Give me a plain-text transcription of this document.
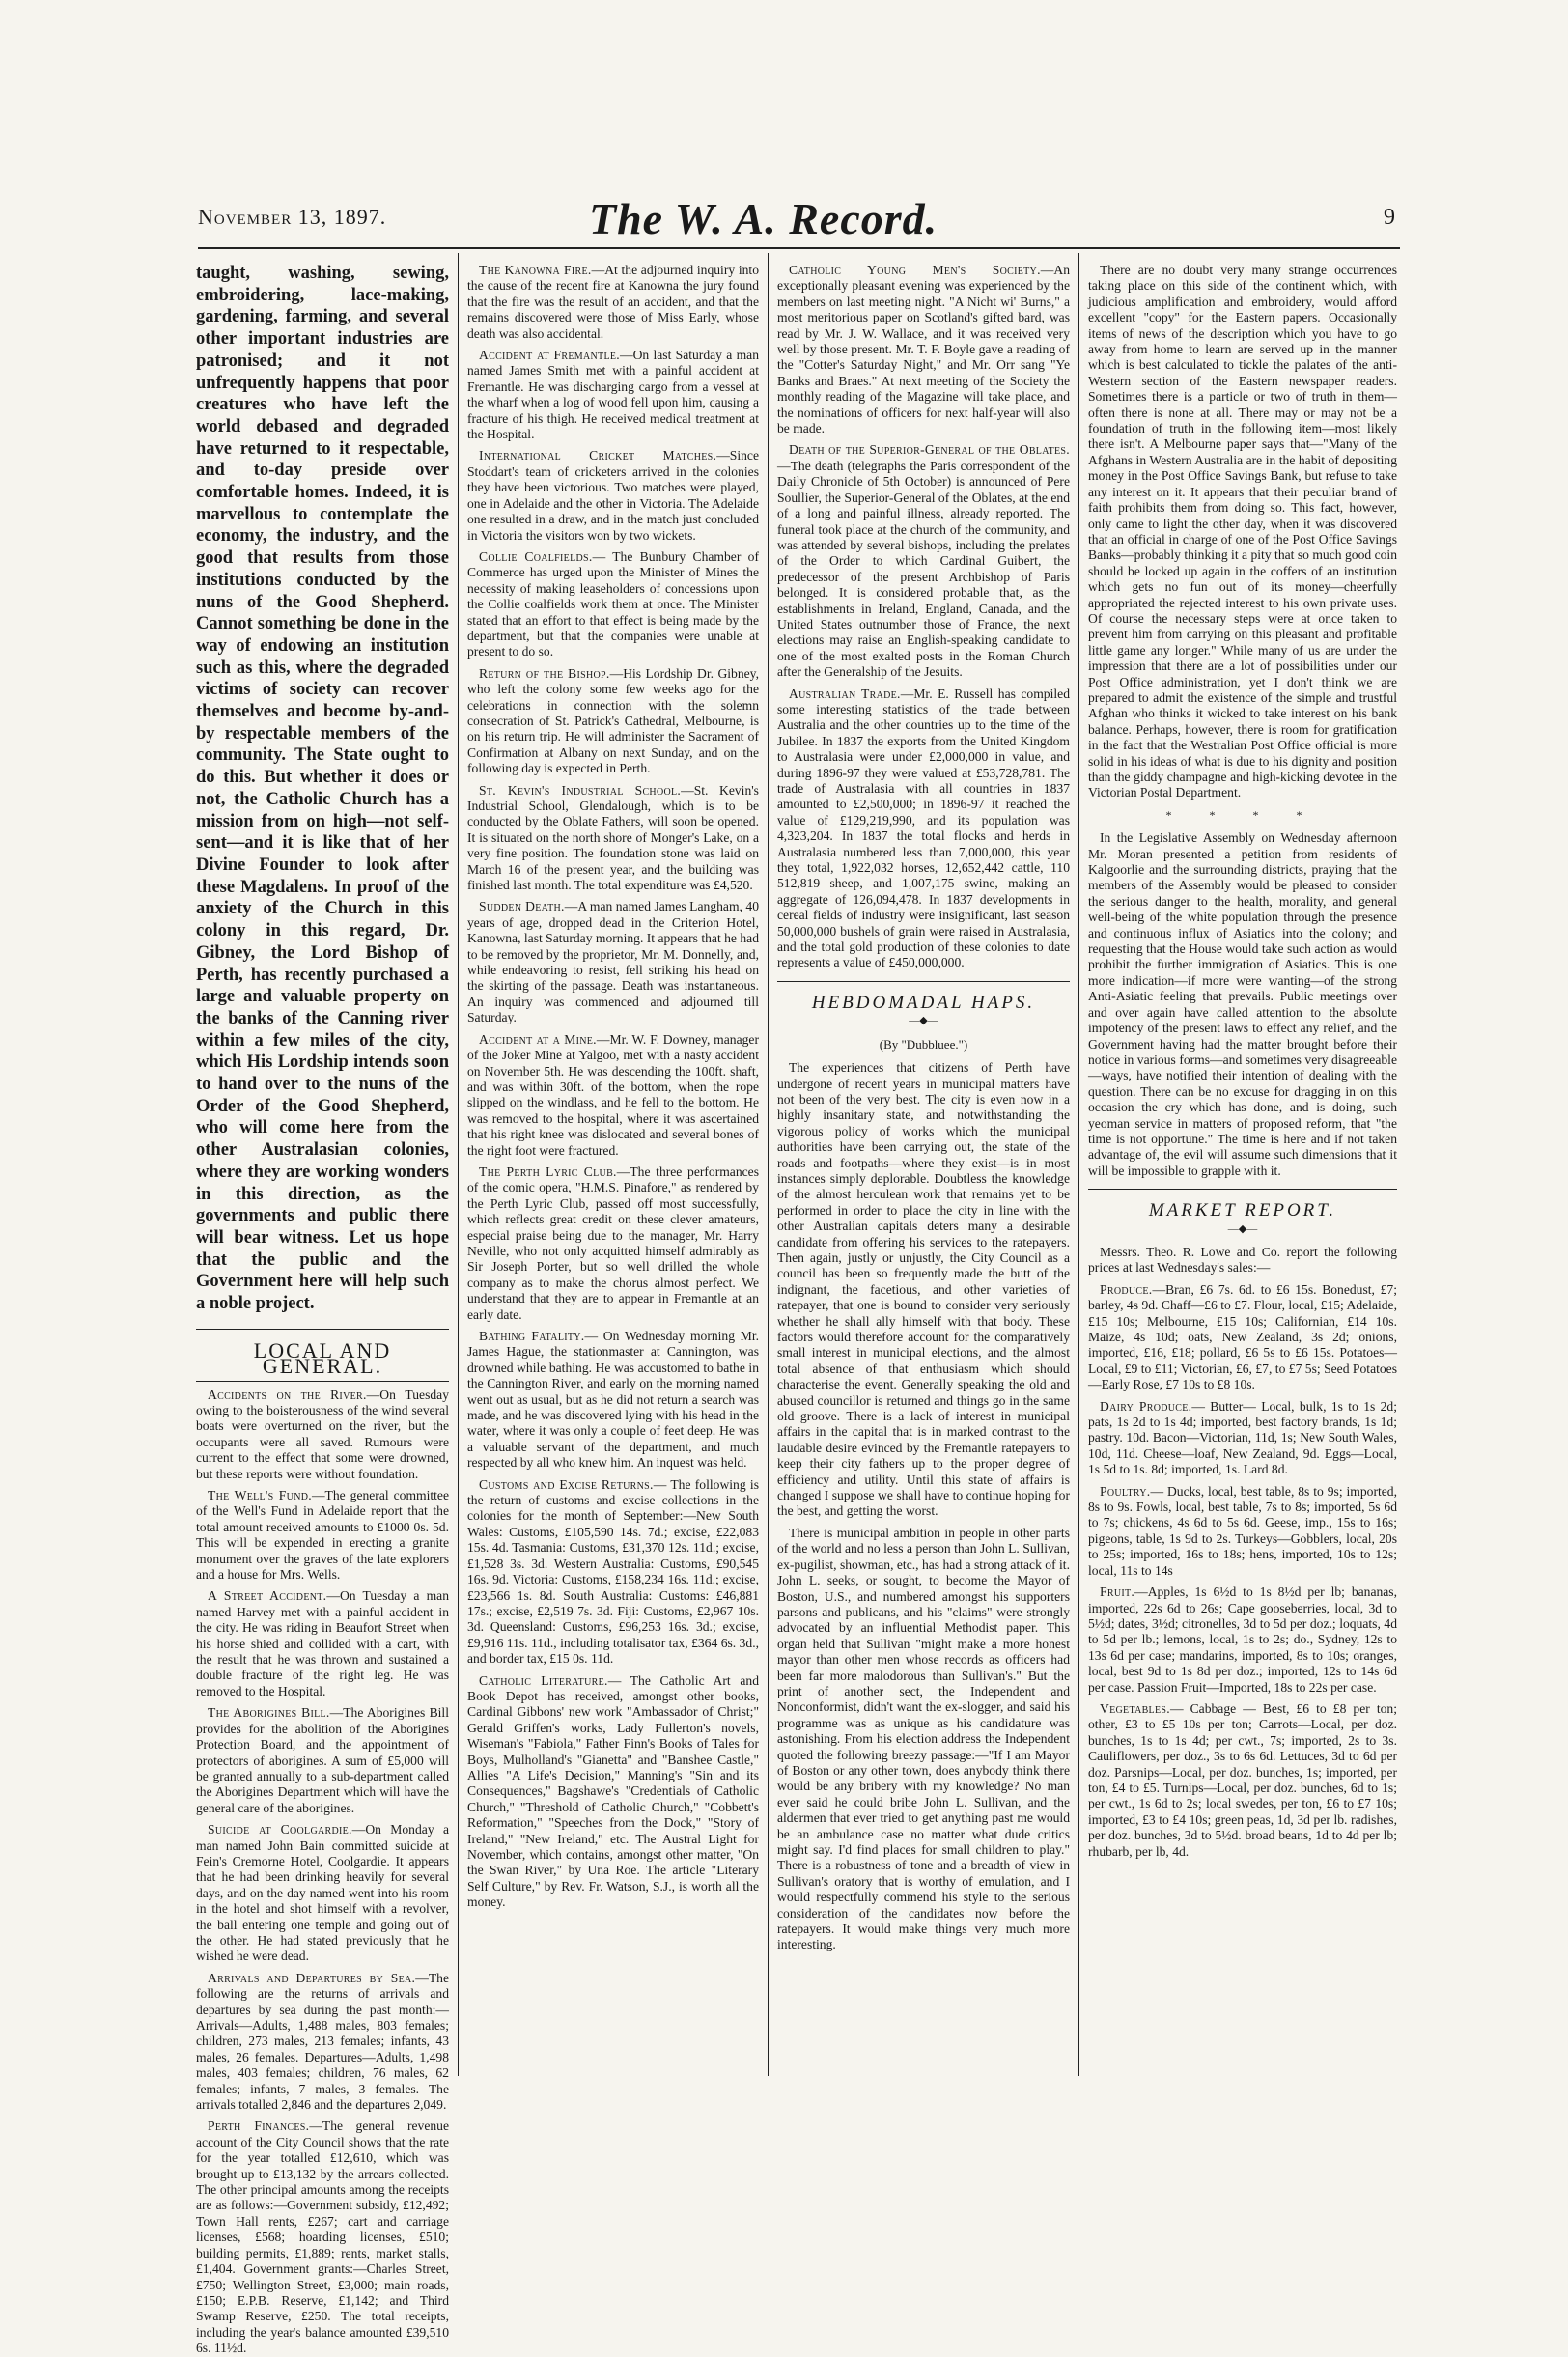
November 13, 1897.	The W. A. Record.	9

taught, washing, sewing, embroidering, lace-making, gardening, farming, and several other important industries are patronised; and it not unfrequently happens that poor creatures who have left the world debased and degraded have returned to it respectable, and to-day preside over comfortable homes. Indeed, it is marvellous to contemplate the economy, the industry, and the good that results from those institutions conducted by the nuns of the Good Shepherd. Cannot something be done in the way of endowing an institution such as this, where the degraded victims of society can recover themselves and become by-and-by respectable members of the community. The State ought to do this. But whether it does or not, the Catholic Church has a mission from on high—not self-sent—and it is like that of her Divine Founder to look after these Magdalens. In proof of the anxiety of the Church in this colony in this regard, Dr. Gibney, the Lord Bishop of Perth, has recently purchased a large and valuable property on the banks of the Canning river within a few miles of the city, which His Lordship intends soon to hand over to the nuns of the Order of the Good Shepherd, who will come here from the other Australasian colonies, where they are working wonders in this direction, as the governments and public there will bear witness. Let us hope that the public and the Government here will help such a noble project.

LOCAL AND GENERAL.

Accidents on the River.—On Tuesday owing to the boisterousness of the wind several boats were overturned on the river, but the occupants were all saved. Rumours were current to the effect that some were drowned, but these reports were without foundation.

The Well's Fund.—The general committee of the Well's Fund in Adelaide report that the total amount received amounts to £1000 0s. 5d. This will be expended in erecting a granite monument over the graves of the late explorers and a house for Mrs. Wells.

A Street Accident.—On Tuesday a man named Harvey met with a painful accident in the city. He was riding in Beaufort Street when his horse shied and collided with a cart, with the result that he was thrown and sustained a double fracture of the right leg. He was removed to the Hospital.

The Aborigines Bill.—The Aborigines Bill provides for the abolition of the Aborigines Protection Board, and the appointment of protectors of aborigines. A sum of £5,000 will be granted annually to a sub-department called the Aborigines Department which will have the general care of the aborigines.

Suicide at Coolgardie.—On Monday a man named John Bain committed suicide at Fein's Cremorne Hotel, Coolgardie. It appears that he had been drinking heavily for several days, and on the day named went into his room in the hotel and shot himself with a revolver, the ball entering one temple and going out of the other. He had stated previously that he wished he were dead.

Arrivals and Departures by Sea.—The following are the returns of arrivals and departures by sea during the past month:—Arrivals—Adults, 1,488 males, 803 females; children, 273 males, 213 females; infants, 43 males, 26 females. Departures—Adults, 1,498 males, 403 females; children, 76 males, 62 females; infants, 7 males, 3 females. The arrivals totalled 2,846 and the departures 2,049.

Perth Finances.—The general revenue account of the City Council shows that the rate for the year totalled £12,610, which was brought up to £13,132 by the arrears collected. The other principal amounts among the receipts are as follows:—Government subsidy, £12,492; Town Hall rents, £267; cart and carriage licenses, £568; hoarding licenses, £510; building permits, £1,889; rents, market stalls, £1,404. Government grants:—Charles Street, £750; Wellington Street, £3,000; main roads, £150; E.P.B. Reserve, £1,142; and Third Swamp Reserve, £250. The total receipts, including the year's balance amounted £39,510 6s. 11½d.

The Kanowna Fire.—At the adjourned inquiry into the cause of the recent fire at Kanowna the jury found that the fire was the result of an accident, and that the remains discovered were those of Miss Early, whose death was also accidental.

Accident at Fremantle.—On last Saturday a man named James Smith met with a painful accident at Fremantle. He was discharging cargo from a vessel at the wharf when a log of wood fell upon him, causing a fracture of his thigh. He received medical treatment at the Hospital.

International Cricket Matches.—Since Stoddart's team of cricketers arrived in the colonies they have been victorious. Two matches were played, one in Adelaide and the other in Victoria. The Adelaide one resulted in a draw, and in the match just concluded in Victoria the visitors won by two wickets.

Collie Coalfields.— The Bunbury Chamber of Commerce has urged upon the Minister of Mines the necessity of making leaseholders of concessions upon the Collie coalfields work them at once. The Minister stated that an effort to that effect is being made by the department, but that the companies were unable at present to do so.

Return of the Bishop.—His Lordship Dr. Gibney, who left the colony some few weeks ago for the celebrations in connection with the solemn consecration of St. Patrick's Cathedral, Melbourne, is on his return trip. He will administer the Sacrament of Confirmation at Albany on next Sunday, and on the following day is expected in Perth.

St. Kevin's Industrial School.—St. Kevin's Industrial School, Glendalough, which is to be conducted by the Oblate Fathers, will soon be opened. It is situated on the north shore of Monger's Lake, on a very fine position. The foundation stone was laid on March 16 of the present year, and the building was finished last month. The total expenditure was £4,520.

Sudden Death.—A man named James Langham, 40 years of age, dropped dead in the Criterion Hotel, Kanowna, last Saturday morning. It appears that he had to be removed by the proprietor, Mr. M. Donnelly, and, while endeavoring to resist, fell striking his head on the skirting of the passage. Death was instantaneous. An inquiry was commenced and adjourned till Saturday.

Accident at a Mine.—Mr. W. F. Downey, manager of the Joker Mine at Yalgoo, met with a nasty accident on November 5th. He was descending the 100ft. shaft, and was within 30ft. of the bottom, when the rope slipped on the windlass, and he fell to the bottom. He was removed to the hospital, where it was ascertained that his right knee was dislocated and several bones of the right foot were fractured.

The Perth Lyric Club.—The three performances of the comic opera, "H.M.S. Pinafore," as rendered by the Perth Lyric Club, passed off most successfully, which reflects great credit on these clever amateurs, especial praise being due to the manager, Mr. Harry Neville, who not only acquitted himself admirably as Sir Joseph Porter, but so well drilled the whole company as to make the chorus almost perfect. We understand that they are to appear in Fremantle at an early date.

Bathing Fatality.— On Wednesday morning Mr. James Hague, the stationmaster at Cannington, was drowned while bathing. He was accustomed to bathe in the Cannington River, and early on the morning named went out as usual, but as he did not return a search was made, and he was discovered lying with his head in the water, where it was only a couple of feet deep. He was a valuable servant of the department, and much respected by all who knew him. An inquest was held.

Customs and Excise Returns.— The following is the return of customs and excise collections in the colonies for the month of September:—New South Wales: Customs, £105,590 14s. 7d.; excise, £22,083 15s. 4d. Tasmania: Customs, £31,370 12s. 11d.; excise, £1,528 3s. 3d. Western Australia: Customs, £90,545 16s. 9d. Victoria: Customs, £158,234 16s. 11d.; excise, £23,566 1s. 8d. South Australia: Customs: £46,881 17s.; excise, £2,519 7s. 3d. Fiji: Customs, £2,967 10s. 3d. Queensland: Customs, £96,253 16s. 3d.; excise, £9,916 11s. 11d., including totalisator tax, £364 6s. 3d., and border tax, £15 0s. 11d.

Catholic Literature.— The Catholic Art and Book Depot has received, amongst other books, Cardinal Gibbons' new work "Ambassador of Christ;" Gerald Griffen's works, Lady Fullerton's novels, Wiseman's "Fabiola," Father Finn's Books of Tales for Boys, Mulholland's "Gianetta" and "Banshee Castle," Allies "A Life's Decision," Manning's "Sin and its Consequences," Bagshawe's "Credentials of Catholic Church," "Threshold of Catholic Church," "Cobbett's Reformation," "Speeches from the Dock," "Story of Ireland," "New Ireland," etc. The Austral Light for November, which contains, amongst other matter, "On the Swan River," by Una Roe. The article "Literary Self Culture," by Rev. Fr. Watson, S.J., is worth all the money.

Catholic Young Men's Society.—An exceptionally pleasant evening was experienced by the members on last meeting night. "A Nicht wi' Burns," a most meritorious paper on Scotland's gifted bard, was read by Mr. J. W. Wallace, and it was received very well by those present. Mr. T. F. Boyle gave a reading of the "Cotter's Saturday Night," and Mr. Orr sang "Ye Banks and Braes." At next meeting of the Society the monthly reading of the Magazine will take place, and the nominations of officers for next half-year will also be made.

Death of the Superior-General of the Oblates.—The death (telegraphs the Paris correspondent of the Daily Chronicle of 5th October) is announced of Pere Soullier, the Superior-General of the Oblates, at the end of a long and painful illness, already reported. The funeral took place at the church of the community, and was attended by several bishops, including the prelates of the Order to which Cardinal Guibert, the predecessor of the present Archbishop of Paris belonged. It is considered probable that, as the establishments in Ireland, England, Canada, and the United States outnumber those of France, the next elections may raise an English-speaking candidate to one of the most exalted posts in the Roman Church after the Generalship of the Jesuits.

Australian Trade.—Mr. E. Russell has compiled some interesting statistics of the trade between Australia and the other countries up to the time of the Jubilee. In 1837 the exports from the United Kingdom to Australasia were under £2,000,000 in value, and during 1896-97 they were valued at £53,728,781. The trade of Australasia with all countries in 1837 amounted to £2,500,000; in 1896-97 it reached the value of £129,219,990, and its population was 4,323,204. In 1837 the total flocks and herds in Australasia numbered less than 7,000,000, this year they total, 1,922,032 horses, 12,652,442 cattle, 110 512,819 sheep, and 1,007,175 swine, making an aggregate of 126,094,478. In 1837 developments in cereal fields of industry were insignificant, last season 50,000,000 bushels of grain were raised in Australasia, and the total gold production of these colonies to date represents a value of £450,000,000.

HEBDOMADAL HAPS.
—◆—
(By "Dubbluee.")

The experiences that citizens of Perth have undergone of recent years in municipal matters have not been of the very best. The city is even now in a highly insanitary state, and notwithstanding the vigorous policy of works which the municipal authorities have been carrying out, the state of the roads and footpaths—where they exist—is in most instances simply deplorable. Doubtless the knowledge of the almost herculean work that remains yet to be performed in order to place the city in line with the other Australian capitals deters many a desirable candidate from offering his services to the ratepayers. Then again, justly or unjustly, the City Council as a council has been so frequently made the butt of the indignant, the facetious, and other varieties of ratepayer, that one is bound to consider very seriously whether he shall ally himself with that body. These factors would therefore account for the comparatively small interest in municipal elections, and the almost total absence of that enthusiasm which should characterise the event. Generally speaking the old and abused councillor is returned and things go in the same old groove. There is a lack of interest in municipal affairs in the capital that is in marked contrast to the laudable desire evinced by the Fremantle ratepayers to keep their city fathers up to the proper degree of efficiency and utility. Until this state of affairs is changed I suppose we shall have to continue hoping for the best, and getting the worst.

There is municipal ambition in people in other parts of the world and no less a person than John L. Sullivan, ex-pugilist, showman, etc., has had a strong attack of it. John L. seeks, or sought, to become the Mayor of Boston, U.S., and numbered amongst his supporters parsons and publicans, and his "claims" were strongly advocated by an influential Methodist paper. This organ held that Sullivan "might make a more honest mayor than other men whose records as officers had been far more malodorous than Sullivan's." But the print of another sect, the Independent and Nonconformist, didn't want the ex-slogger, and said his programme was as unique as his candidature was astonishing. From his election address the Independent quoted the following breezy passage:—"If I am Mayor of Boston or any other town, does anybody think there would be any bribery with my knowledge? No man ever said he could bribe John L. Sullivan, and the aldermen that ever tried to get anything past me would be an ambulance case no matter what dude critics might say. I'd find places for small children to play." There is a robustness of tone and a breadth of view in Sullivan's oratory that is worthy of emulation, and I would respectfully commend his style to the serious consideration of the candidates now before the ratepayers. It would make things very much more interesting.

There are no doubt very many strange occurrences taking place on this side of the continent which, with judicious amplification and embroidery, would afford excellent "copy" for the Eastern papers. Occasionally items of news of the description which you have to go away from home to learn are served up in the manner which is best calculated to tickle the palates of the anti-Western section of the Eastern newspaper readers. Sometimes there is a particle or two of truth in them—often there is none at all. There may or may not be a foundation of truth in the following item—most likely there isn't. A Melbourne paper says that—"Many of the Afghans in Western Australia are in the habit of depositing money in the Post Office Savings Bank, but refuse to take any interest on it. It appears that their peculiar brand of faith prohibits them from doing so. This fact, however, only came to light the other day, when it was discovered that an official in charge of one of the Post Office Savings Banks—probably thinking it a pity that so much good coin should be locked up again in the coffers of an institution which gets no fun out of its money—cheerfully appropriated the rejected interest to his own private uses. Of course the necessary steps were at once taken to prevent him from carrying on this pleasant and profitable little game any longer." While many of us are under the impression that there are a lot of possibilities under our Post Office administration, yet I don't think we are prepared to admit the existence of the simple and trustful Afghan who thinks it wicked to take interest on his bank balance. Perhaps, however, there is room for gratification in the fact that the Westralian Post Office official is more solid in his ideas of what is due to his dignity and position than the giddy champagne and high-kicking devotee in the Victorian Postal Department.

* * * *

In the Legislative Assembly on Wednesday afternoon Mr. Moran presented a petition from residents of Kalgoorlie and the surrounding districts, praying that the members of the Assembly would be pleased to consider the serious danger to the health, morality, and general well-being of the white population through the presence and continuous influx of Asiatics into the colony; and requesting that the House would take such action as would prohibit the further immigration of Asiatics. This is one more indication—if more were wanting—of the strong Anti-Asiatic feeling that prevails. Public meetings over and over again have called attention to the absolute impotency of the present laws to effect any relief, and the Government having had the matter brought before their notice in various forms—and sometimes very disagreeable—ways, have notified their intention of dealing with the question. There can be no excuse for dragging in on this occasion the cry which has done, and is doing, such yeoman service in matters of proposed reform, that "the time is not opportune." The time is here and if not taken advantage of, the evil will assume such dimensions that it will be impossible to grapple with it.

MARKET REPORT.
—◆—

Messrs. Theo. R. Lowe and Co. report the following prices at last Wednesday's sales:—

Produce.—Bran, £6 7s. 6d. to £6 15s. Bonedust, £7; barley, 4s 9d. Chaff—£6 to £7. Flour, local, £15; Adelaide, £15 10s; Melbourne, £15 10s; Californian, £14 10s. Maize, 4s 10d; oats, New Zealand, 3s 2d; onions, imported, £16, £18; pollard, £6 5s to £6 15s. Potatoes—Local, £9 to £11; Victorian, £6, £7, to £7 5s; Seed Potatoes—Early Rose, £7 10s to £8 10s.

Dairy Produce.— Butter— Local, bulk, 1s to 1s 2d; pats, 1s 2d to 1s 4d; imported, best factory brands, 1s 1d; pastry. 10d. Bacon—Victorian, 11d, 1s; New South Wales, 10d, 11d. Cheese—loaf, New Zealand, 9d. Eggs—Local, 1s 5d to 1s. 8d; imported, 1s. Lard 8d.

Poultry.— Ducks, local, best table, 8s to 9s; imported, 8s to 9s. Fowls, local, best table, 7s to 8s; imported, 5s 6d to 7s; chickens, 4s 6d to 5s 6d. Geese, imp., 15s to 16s; pigeons, table, 1s 9d to 2s. Turkeys—Gobblers, local, 20s to 25s; imported, 16s to 18s; hens, imported, 10s to 12s; local, 11s to 14s

Fruit.—Apples, 1s 6½d to 1s 8½d per lb; bananas, imported, 22s 6d to 26s; Cape gooseberries, local, 3d to 5½d; dates, 3½d; citronelles, 3d to 5d per doz.; loquats, 4d to 5d per lb.; lemons, local, 1s to 2s; do., Sydney, 12s to 13s 6d per case; mandarins, imported, 8s to 10s; oranges, local, best 9d to 1s 8d per doz.; imported, 12s to 14s 6d per case. Passion Fruit—Imported, 18s to 22s per case.

Vegetables.— Cabbage — Best, £6 to £8 per ton; other, £3 to £5 10s per ton; Carrots—Local, per doz. bunches, 1s to 1s 4d; per cwt., 7s; imported, 2s to 3s. Cauliflowers, per doz., 3s to 6s 6d. Lettuces, 3d to 6d per doz. Parsnips—Local, per doz. bunches, 1s; imported, per ton, £4 to £5. Turnips—Local, per doz. bunches, 6d to 1s; per cwt., 1s 6d to 2s; local swedes, per ton, £6 to £7 10s; imported, £3 to £4 10s; green peas, 1d, 3d per lb. radishes, per doz. bunches, 3d to 5½d. broad beans, 1d to 4d per lb; rhubarb, per lb, 4d.
